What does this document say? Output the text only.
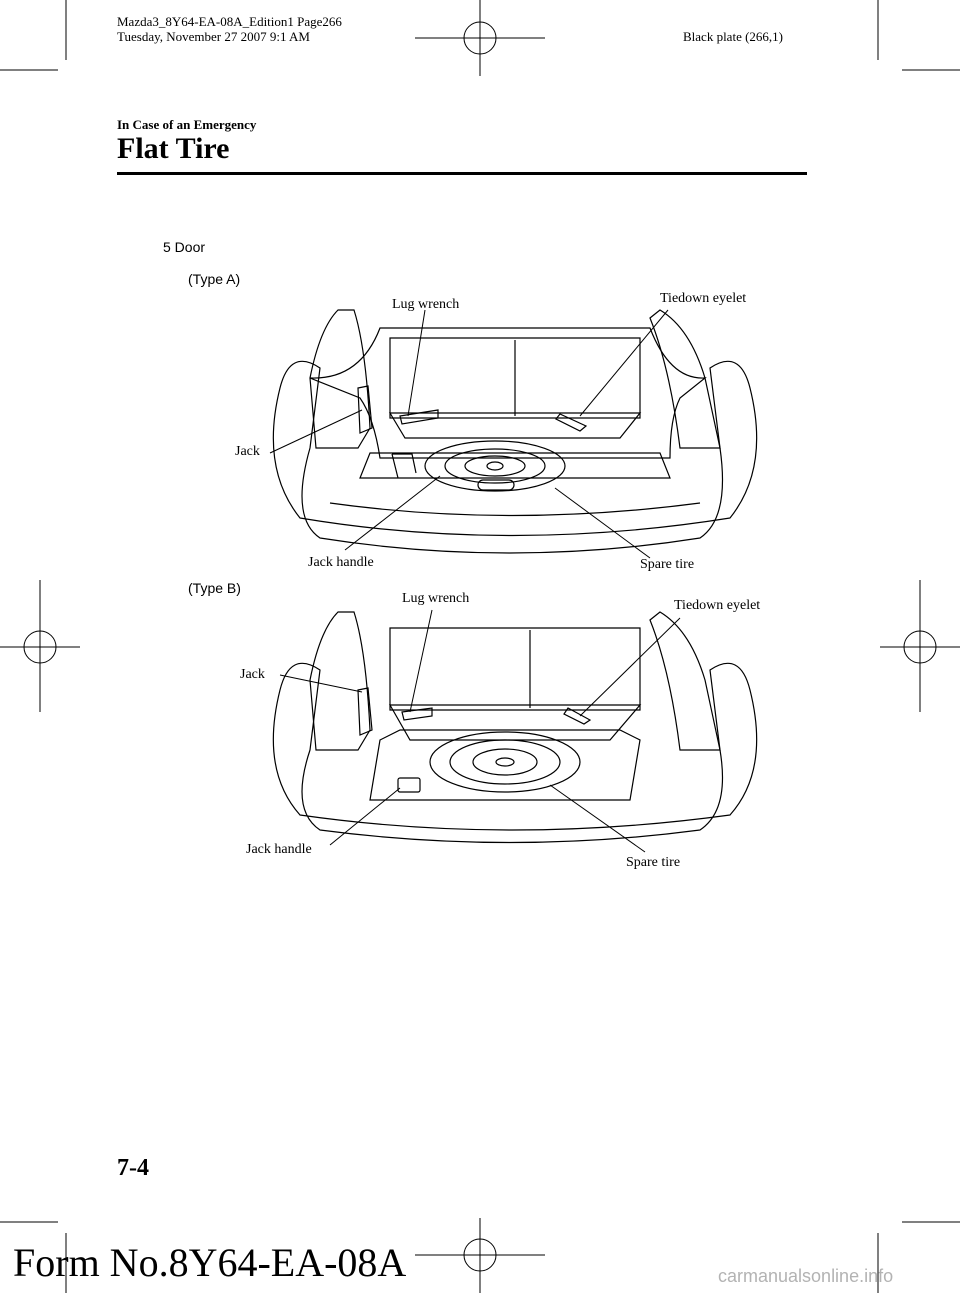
Mazda3_8Y64-EA-08A_Edition1 Page266
Tuesday, November 27 2007 9:1 AM	Black plate (266,1)
In Case of an Emergency
Flat Tire
5 Door
(Type A)
Lug wrench	Tiedown eyelet
Jack
Jack handle	Spare tire
(Type B)
Lug wrench	Tiedown eyelet
Jack
Jack handle
Spare tire
7-4
Form No.8Y64-EA-08A	carmanualsonline.info
